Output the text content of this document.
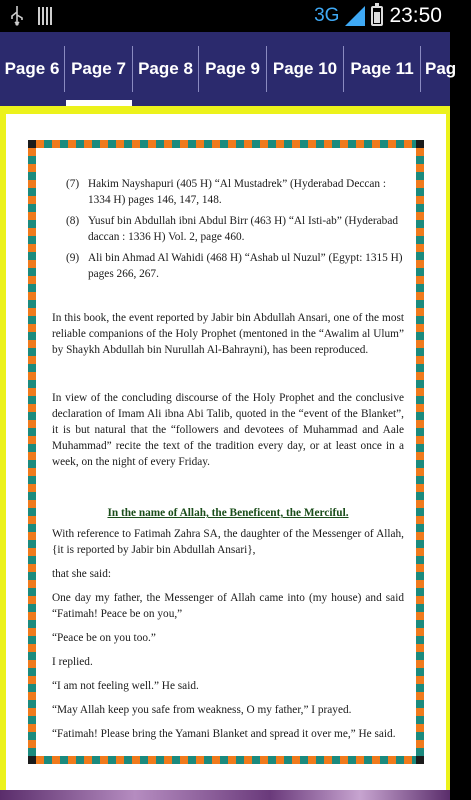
3G 23:50
Page 6 Page 7 Page 8 Page 9 Page 10 Page 11 Pag
(7) Hakim Nayshapuri (405 H) “Al Mustadrek” (Hyderabad Deccan : 1334 H) pages 146, 147, 148.
(8) Yusuf bin Abdullah ibni Abdul Birr (463 H) “Al Isti-ab” (Hyderabad daccan : 1336 H) Vol. 2, page 460.
(9) Ali bin Ahmad Al Wahidi (468 H) “Ashab ul Nuzul” (Egypt: 1315 H) pages 266, 267.

In this book, the event reported by Jabir bin Abdullah Ansari, one of the most reliable companions of the Holy Prophet (mentoned in the “Awalim al Ulum” by Shaykh Abdullah bin Nurullah Al-Bahrayni), has been reproduced.

In view of the concluding discourse of the Holy Prophet and the conclusive declaration of Imam Ali ibna Abi Talib, quoted in the “event of the Blanket”, it is but natural that the “followers and devotees of Muhammad and Aale Muhammad” recite the text of the tradition every day, or at least once in a week, on the night of every Friday.

In the name of Allah, the Beneficent, the Merciful.

With reference to Fatimah Zahra SA, the daughter of the Messenger of Allah, {it is reported by Jabir bin Abdullah Ansari},

that she said:

One day my father, the Messenger of Allah came into (my house) and said “Fatimah! Peace be on you,”

“Peace be on you too.”

I replied.

“I am not feeling well.” He said.

“May Allah keep you safe from weakness, O my father,” I prayed.

“Fatimah! Please bring the Yamani Blanket and spread it over me,” He said.
